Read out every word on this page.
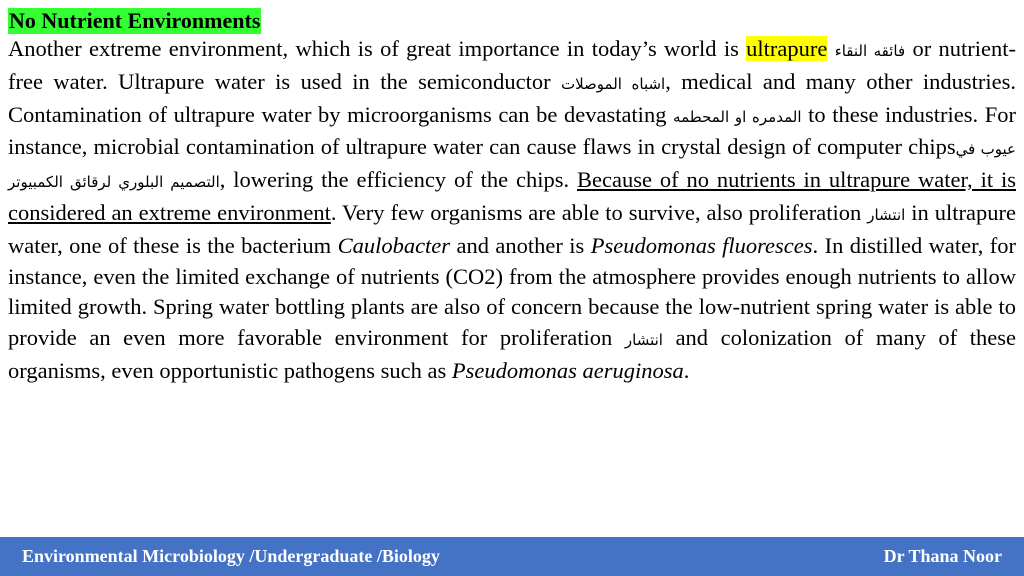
No Nutrient Environments

Another extreme environment, which is of great importance in today’s world is ultrapure فائقه النقاء or nutrient- free water. Ultrapure water is used in the semiconductor اشباه الموصلات, medical and many other industries. Contamination of ultrapure water by microorganisms can be devastating المدمره او المحطمه to these industries. For instance, microbial contamination of ultrapure water can cause flaws in crystal design of computer chipsعيوب في التصميم البلوري لرقائق الكمبيوتر, lowering the efficiency of the chips. Because of no nutrients in ultrapure water, it is considered an extreme environment. Very few organisms are able to survive, also proliferation انتشار in ultrapure water, one of these is the bacterium Caulobacter and another is Pseudomonas fluoresces. In distilled water, for instance, even the limited exchange of nutrients (CO2) from the atmosphere provides enough nutrients to allow limited growth. Spring water bottling plants are also of concern because the low-nutrient spring water is able to provide an even more favorable environment for proliferation انتشار and colonization of many of these organisms, even opportunistic pathogens such as Pseudomonas aeruginosa.

Environmental Microbiology /Undergraduate /Biology	Dr Thana Noor
